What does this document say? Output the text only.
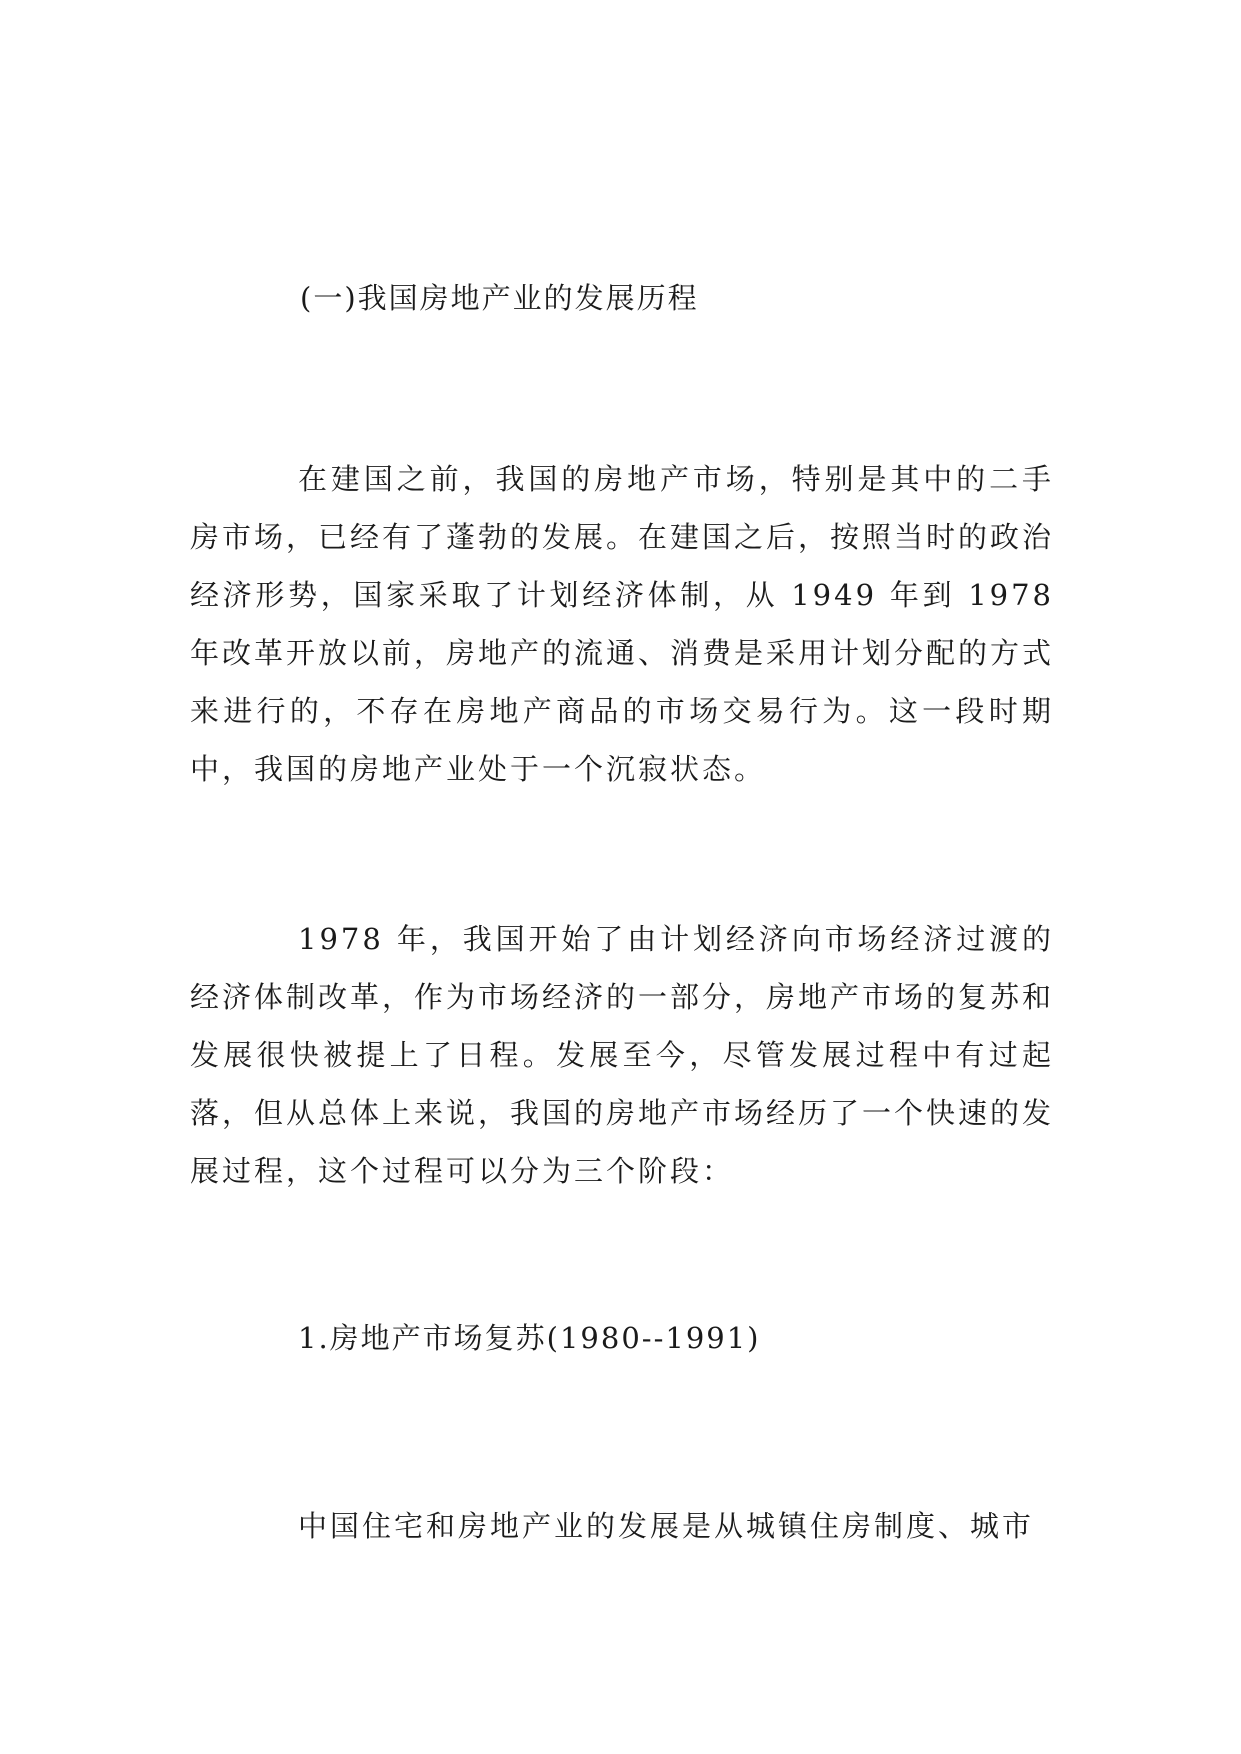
(一)我国房地产业的发展历程

在建国之前，我国的房地产市场，特别是其中的二手房市场，已经有了蓬勃的发展。在建国之后，按照当时的政治经济形势，国家采取了计划经济体制，从 1949 年到 1978 年改革开放以前，房地产的流通、消费是采用计划分配的方式来进行的，不存在房地产商品的市场交易行为。这一段时期中，我国的房地产业处于一个沉寂状态。

1978 年，我国开始了由计划经济向市场经济过渡的经济体制改革，作为市场经济的一部分，房地产市场的复苏和发展很快被提上了日程。发展至今，尽管发展过程中有过起落，但从总体上来说，我国的房地产市场经历了一个快速的发展过程，这个过程可以分为三个阶段：

1.房地产市场复苏(1980--1991)

中国住宅和房地产业的发展是从城镇住房制度、城市
